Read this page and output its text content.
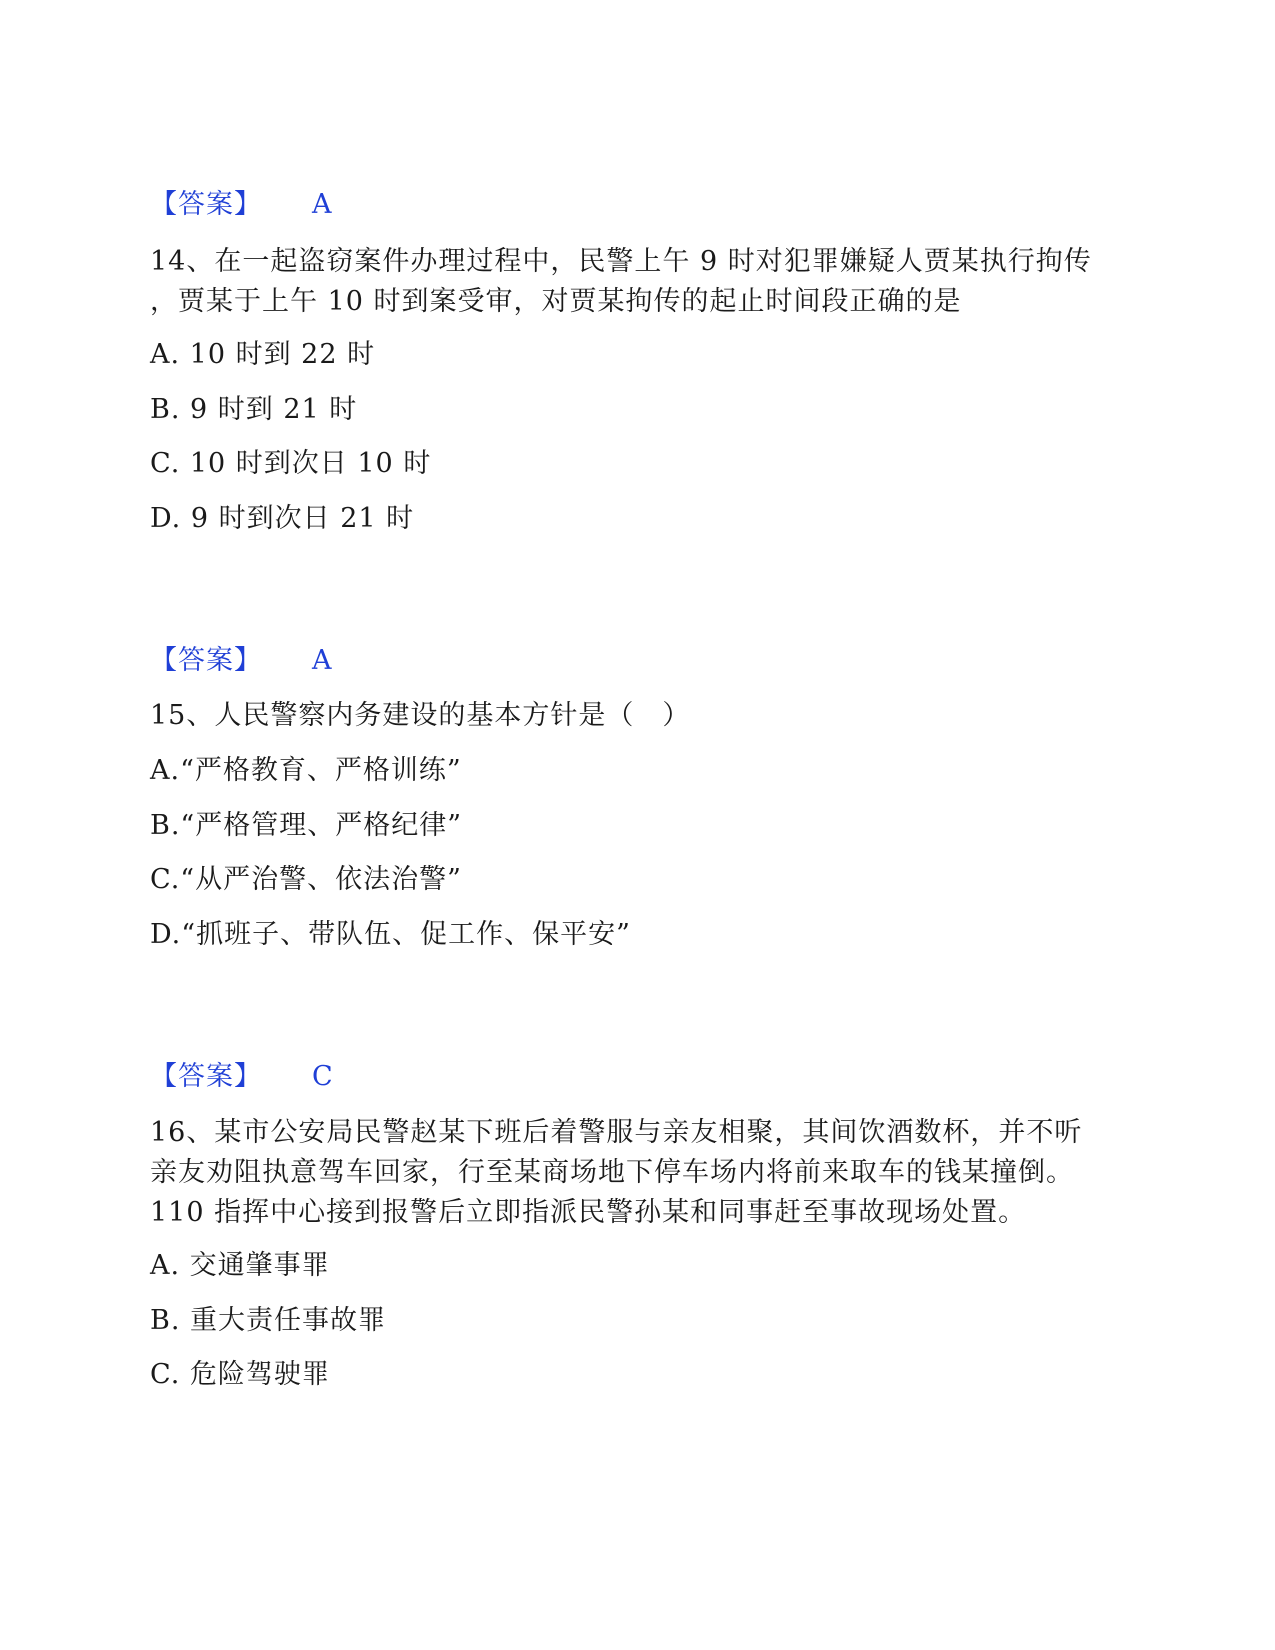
【答案】 A
14、在一起盗窃案件办理过程中，民警上午 9 时对犯罪嫌疑人贾某执行拘传
，贾某于上午 10 时到案受审，对贾某拘传的起止时间段正确的是
A. 10 时到 22 时
B. 9 时到 21 时
C. 10 时到次日 10 时
D. 9 时到次日 21 时
【答案】 A
15、人民警察内务建设的基本方针是（　）
A.“严格教育、严格训练”
B.“严格管理、严格纪律”
C.“从严治警、依法治警”
D.“抓班子、带队伍、促工作、保平安”
【答案】 C
16、某市公安局民警赵某下班后着警服与亲友相聚，其间饮酒数杯，并不听
亲友劝阻执意驾车回家，行至某商场地下停车场内将前来取车的钱某撞倒。
110 指挥中心接到报警后立即指派民警孙某和同事赶至事故现场处置。
A. 交通肇事罪
B. 重大责任事故罪
C. 危险驾驶罪
